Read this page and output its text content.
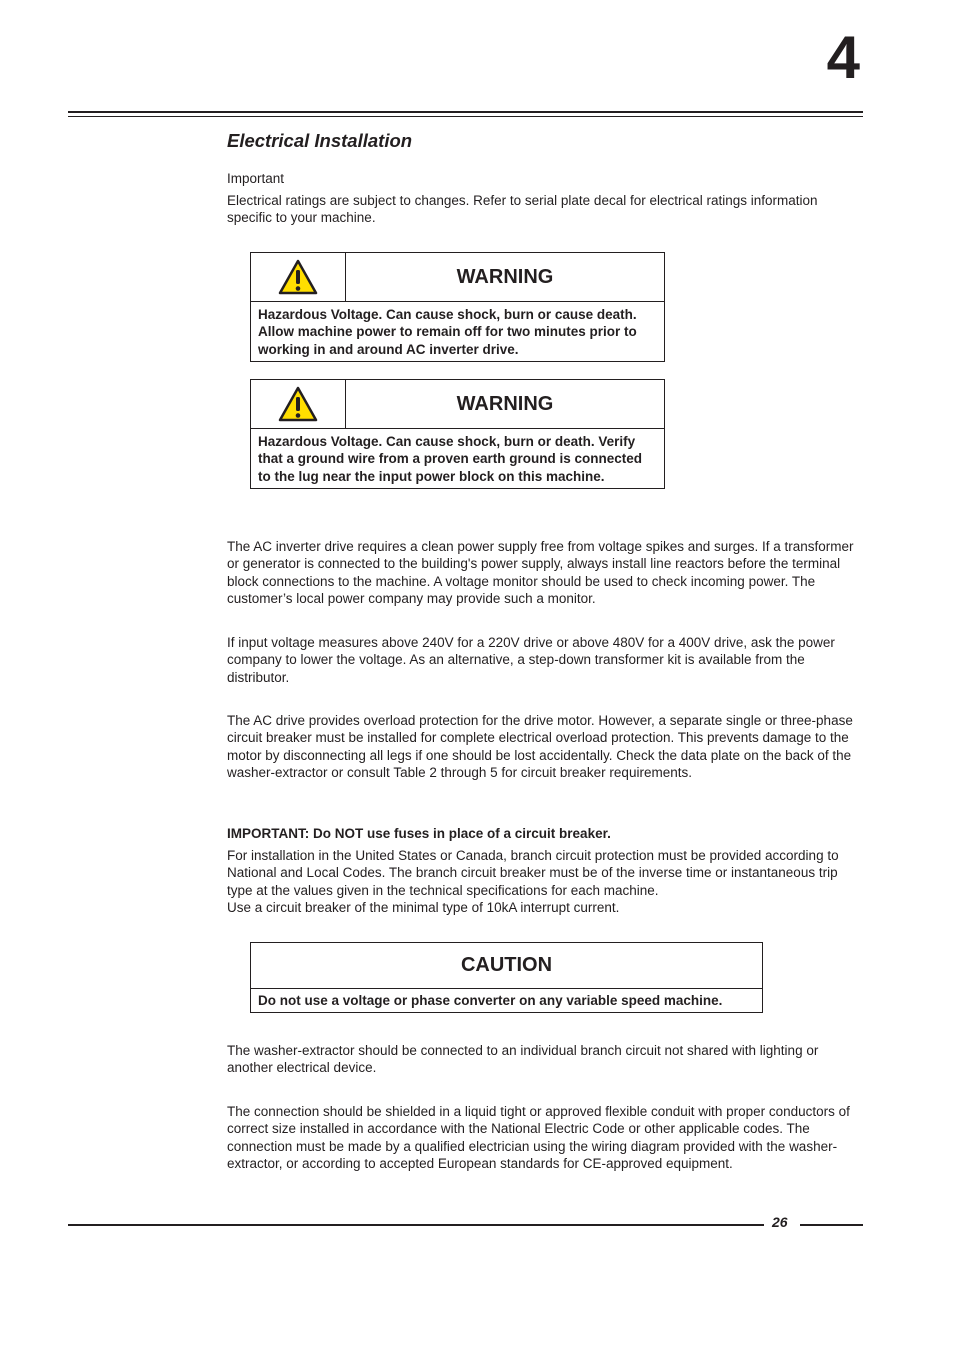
4
Electrical Installation

Important

Electrical ratings are subject to changes. Refer to serial plate decal for electrical ratings information specific to your machine.

WARNING
Hazardous Voltage. Can cause shock, burn or cause death. Allow machine power to remain off for two minutes prior to working in and around AC inverter drive.
WARNING
Hazardous Voltage. Can cause shock, burn or death. Verify that a ground wire from a proven earth ground is connected to the lug near the input power block on this machine.

The AC inverter drive requires a clean power supply free from voltage spikes and surges. If a transformer or generator is connected to the building's power supply, always install line reactors before the terminal block connections to the machine. A voltage monitor should be used to check incoming power. The customer’s local power company may provide such a monitor.

If input voltage measures above 240V for a 220V drive or above 480V for a 400V drive, ask the power company to lower the voltage. As an alternative, a step-down transformer kit is available from the distributor.

The AC drive provides overload protection for the drive motor. However, a separate single or three-phase circuit breaker must be installed for complete electrical overload protection. This prevents damage to the motor by disconnecting all legs if one should be lost accidentally. Check the data plate on the back of the washer-extractor or consult Table 2 through 5 for circuit breaker requirements.

IMPORTANT: Do NOT use fuses in place of a circuit breaker.

For installation in the United States or Canada, branch circuit protection must be provided according to National and Local Codes. The branch circuit breaker must be of the inverse time or instantaneous trip type at the values given in the technical specifications for each machine.

Use a circuit breaker of the minimal type of 10kA interrupt current.

CAUTION
Do not use a voltage or phase converter on any variable speed machine.

The washer-extractor should be connected to an individual branch circuit not shared with lighting or another electrical device.

The connection should be shielded in a liquid tight or approved flexible conduit with proper conductors of correct size installed in accordance with the National Electric Code or other applicable codes. The connection must be made by a qualified electrician using the wiring diagram provided with the washer-extractor, or according to accepted European standards for CE-approved equipment.

26
